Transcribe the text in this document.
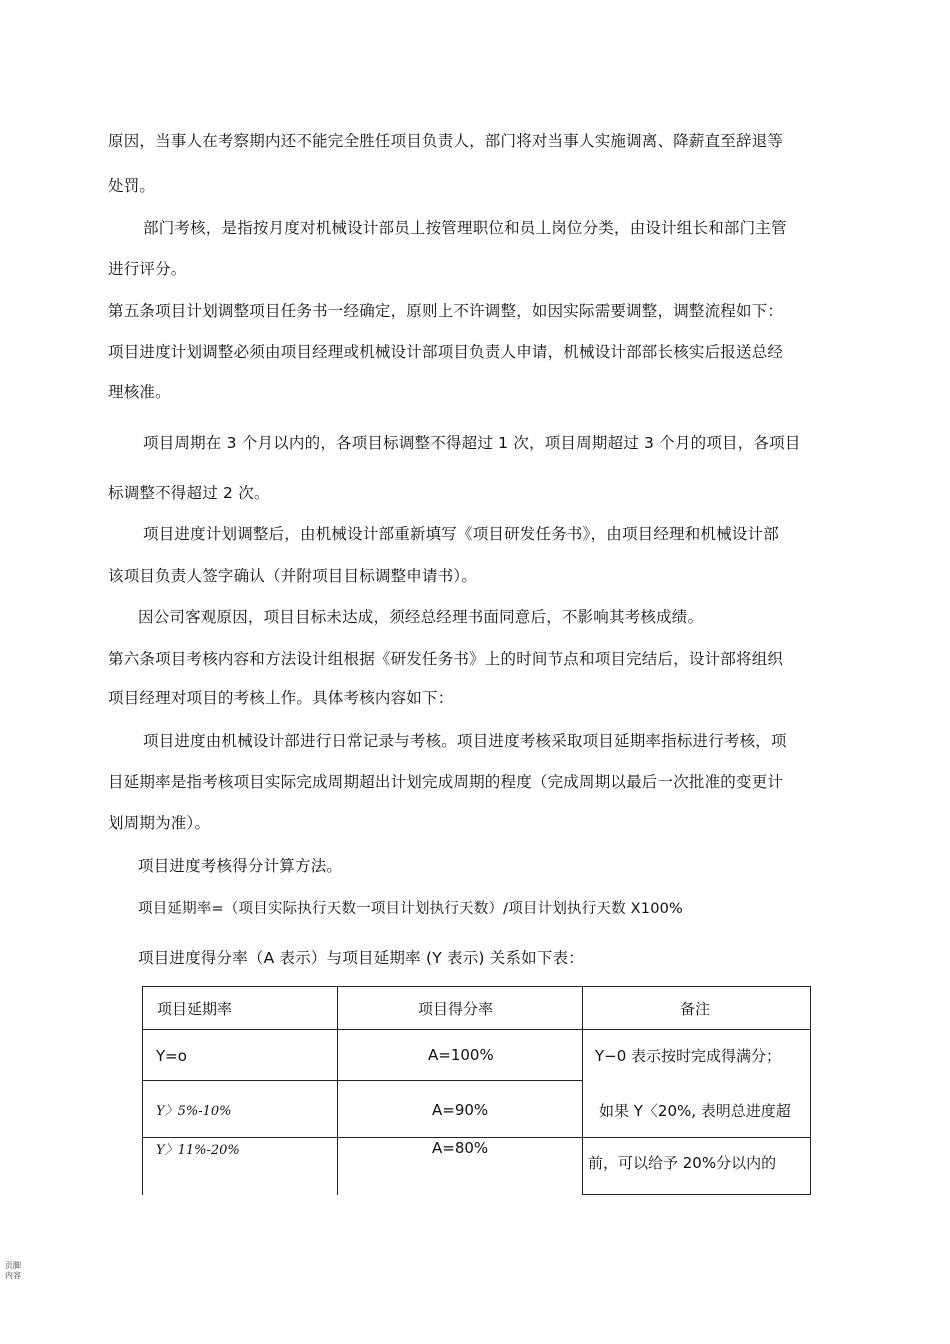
原因，当事人在考察期内还不能完全胜任项目负责人，部门将对当事人实施调离、降薪直至辞退等
处罚。
部门考核，是指按月度对机械设计部员丄按管理职位和员丄岗位分类，由设计组长和部门主管
进行评分。
第五条项目计划调整项目任务书一经确定，原则上不许调整，如因实际需要调整，调整流程如下：
项目进度计划调整必须由项目经理或机械设计部项目负责人申请，机械设计部部长核实后报送总经
理核准。
项目周期在 3 个月以内的，各项目标调整不得超过 1 次，项目周期超过 3 个月的项目，各项目
标调整不得超过 2 次。
项目进度计划调整后，由机械设计部重新填写《项目研发任务书》，由项目经理和机械设计部
该项目负责人签字确认（并附项目目标调整申请书）。
因公司客观原因，项目目标未达成，须经总经理书面同意后，不影响其考核成绩。
第六条项目考核内容和方法设计组根据《研发任务书》上的时间节点和项目完结后，设计部将组织
项目经理对项目的考核丄作。具体考核内容如下：
项目进度由机械设计部进行日常记录与考核。项目进度考核采取项目延期率指标进行考核，项
目延期率是指考核项目实际完成周期超出计划完成周期的程度（完成周期以最后一次批准的变更计
划周期为准）。
项目进度考核得分计算方法。
项目延期率=（项目实际执行天数一项目计划执行天数）/项目计划执行天数 X100%
项目进度得分率（A 表示）与项目延期率 (Y 表示) 关系如下表：
项目延期率	项目得分率	备注
Y=o	A=100%
Y〉5%-10%	A=90%
Y〉11%-20%	A=80%
Y−0 表示按时完成得满分；
如果 Y〈20%, 表明总进度超
前，可以给予 20%分以内的
页脚内容
